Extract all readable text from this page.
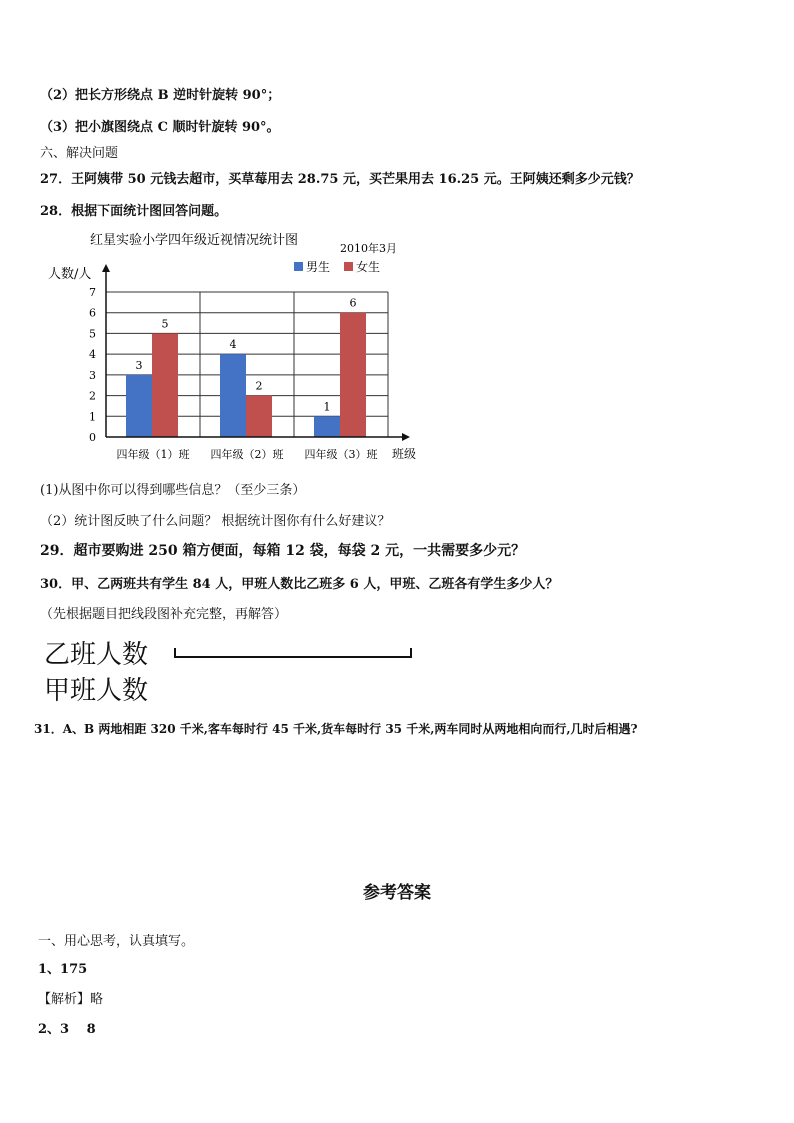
（2）把长方形绕点 B 逆时针旋转 90°；
（3）把小旗图绕点 C 顺时针旋转 90°。
六、解决问题
27．王阿姨带 50 元钱去超市，买草莓用去 28.75 元，买芒果用去 16.25 元。王阿姨还剩多少元钱？
28．根据下面统计图回答问题。
红星实验小学四年级近视情况统计图
2010年3月
人数/人
班级
3
5
4
2
1
6
0
1
2
3
4
5
6
7
四年级（1）班 四年级（2）班 四年级（3）班
男生 女生
(1)从图中你可以得到哪些信息？（至少三条）
（2）统计图反映了什么问题？ 根据统计图你有什么好建议？
29．超市要购进 250 箱方便面，每箱 12 袋，每袋 2 元，一共需要多少元？
30．甲、乙两班共有学生 84 人，甲班人数比乙班多 6 人，甲班、乙班各有学生多少人？
（先根据题目把线段图补充完整，再解答）
乙班人数
甲班人数
31．A、B 两地相距 320 千米,客车每时行 45 千米,货车每时行 35 千米,两车同时从两地相向而行,几时后相遇?
参考答案
一、用心思考，认真填写。
1、175
【解析】略
2、3　 8
